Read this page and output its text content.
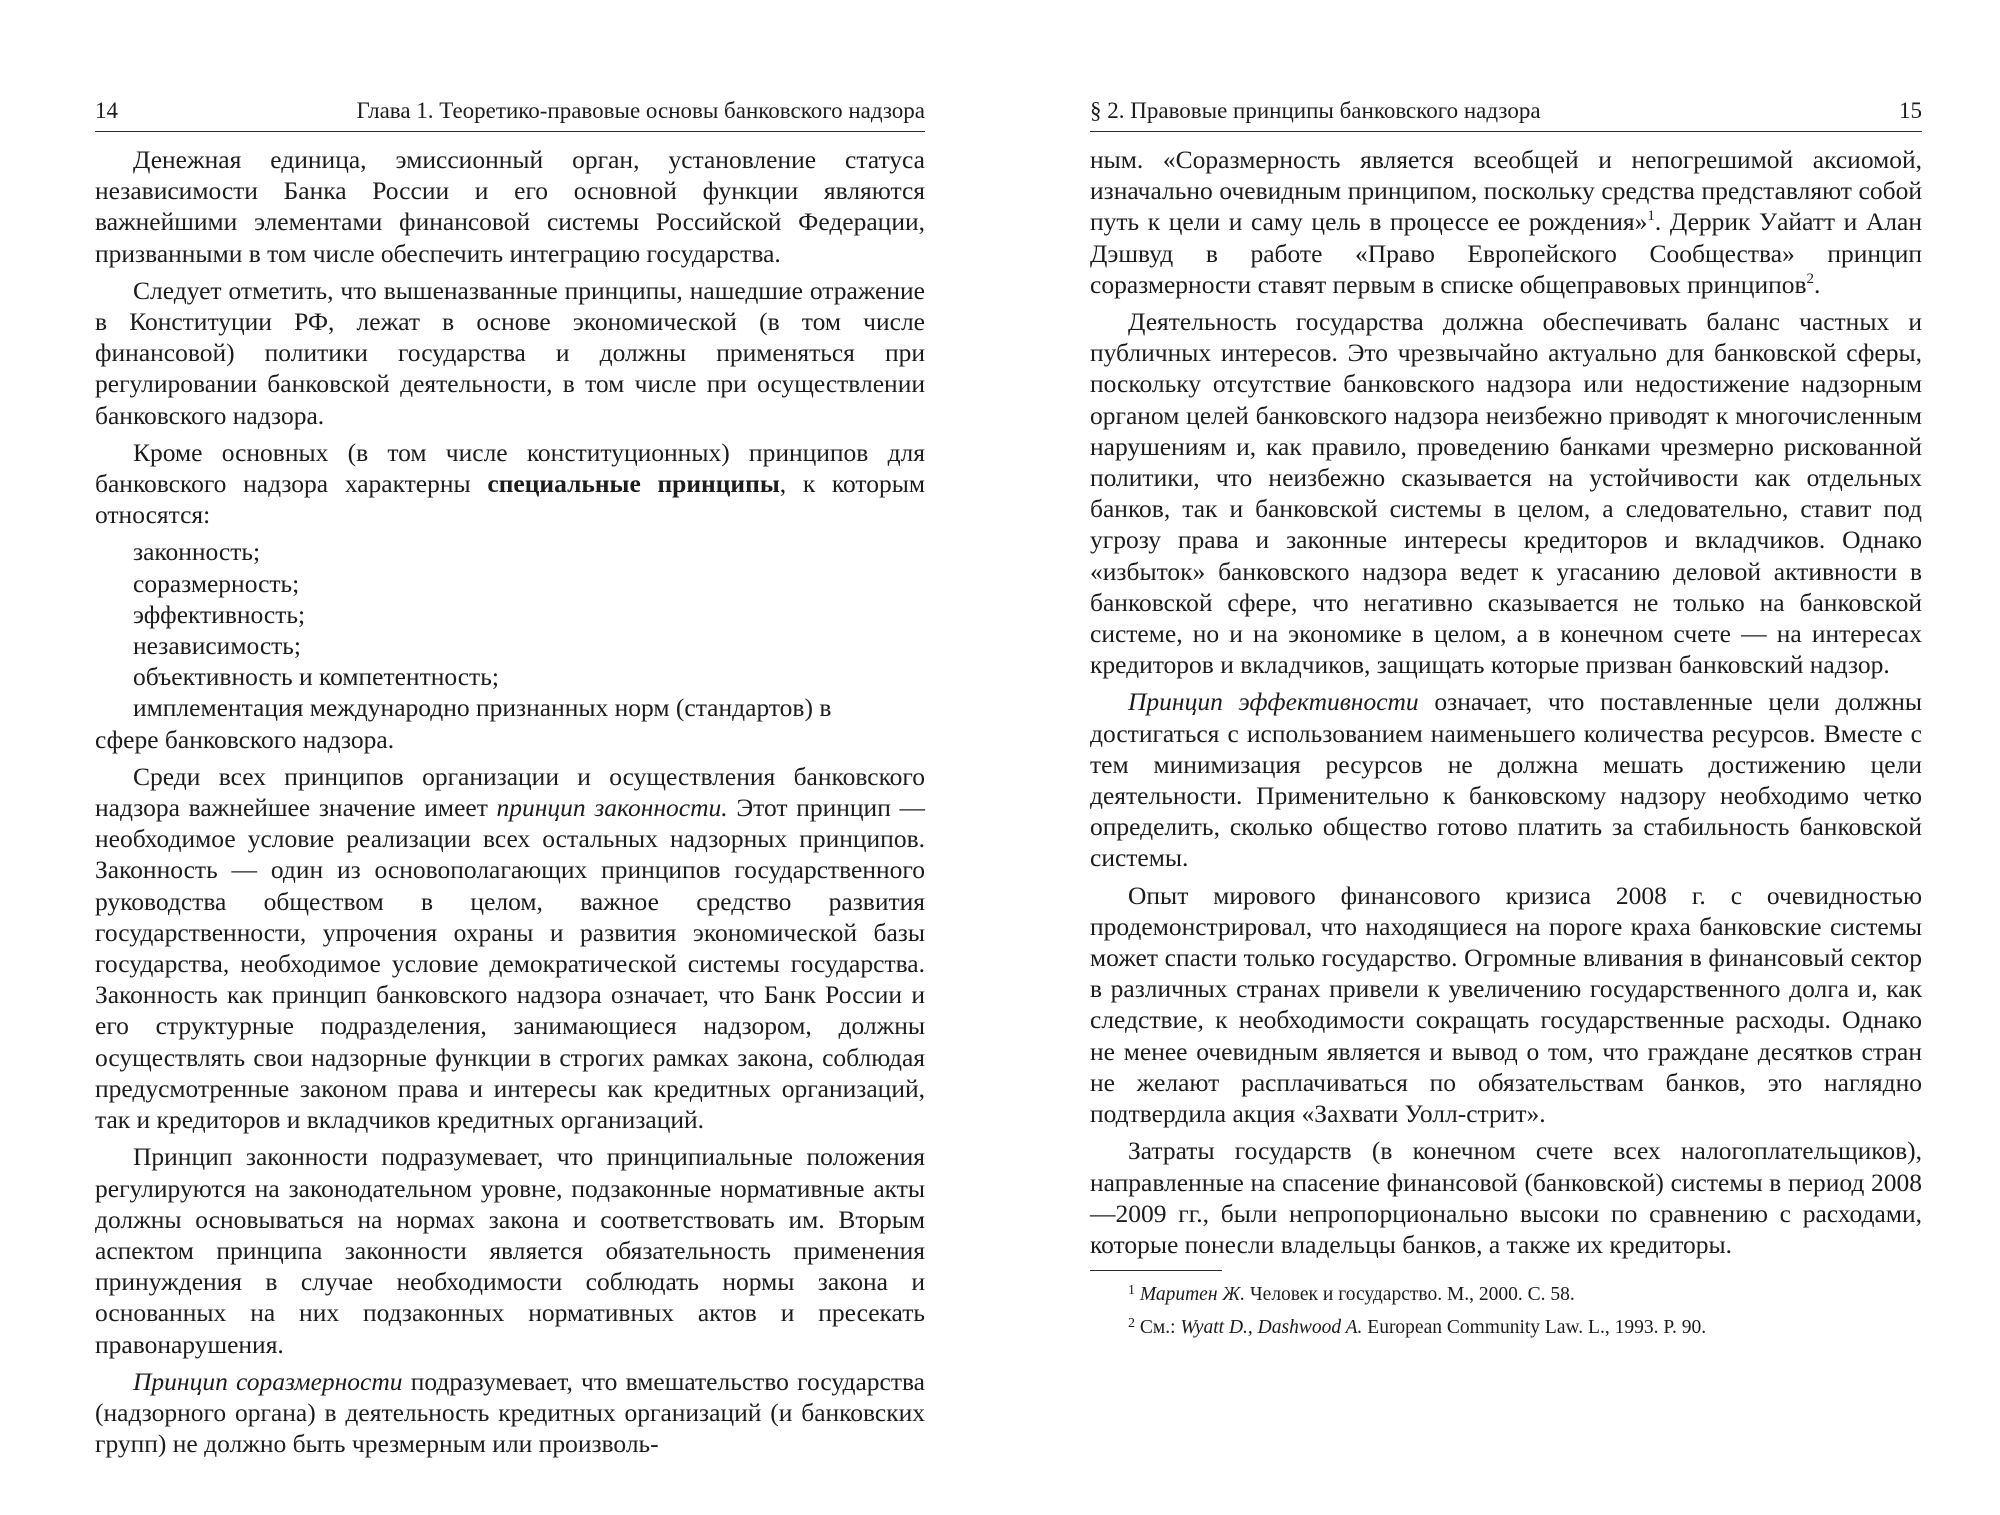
14	Глава 1. Теоретико-правовые основы банковского надзора

Денежная единица, эмиссионный орган, установление статуса независимости Банка России и его основной функции являются важнейшими элементами финансовой системы Российской Федерации, призванными в том числе обеспечить интеграцию государства.

Следует отметить, что вышеназванные принципы, нашедшие отражение в Конституции РФ, лежат в основе экономической (в том числе финансовой) политики государства и должны применяться при регулировании банковской деятельности, в том числе при осуществлении банковского надзора.

Кроме основных (в том числе конституционных) принципов для банковского надзора характерны специальные принципы, к которым относятся:

законность;
соразмерность;
эффективность;
независимость;
объективность и компетентность;
имплементация международно признанных норм (стандартов) в

сфере банковского надзора.

Среди всех принципов организации и осуществления банковского надзора важнейшее значение имеет принцип законности. Этот принцип — необходимое условие реализации всех остальных надзорных принципов. Законность — один из основополагающих принципов государственного руководства обществом в целом, важное средство развития государственности, упрочения охраны и развития экономической базы государства, необходимое условие демократической системы государства. Законность как принцип банковского надзора означает, что Банк России и его структурные подразделения, занимающиеся надзором, должны осуществлять свои надзорные функции в строгих рамках закона, соблюдая предусмотренные законом права и интересы как кредитных организаций, так и кредиторов и вкладчиков кредитных организаций.

Принцип законности подразумевает, что принципиальные положения регулируются на законодательном уровне, подзаконные нормативные акты должны основываться на нормах закона и соответствовать им. Вторым аспектом принципа законности является обязательность применения принуждения в случае необходимости соблюдать нормы закона и основанных на них подзаконных нормативных актов и пресекать правонарушения.

Принцип соразмерности подразумевает, что вмешательство государства (надзорного органа) в деятельность кредитных организаций (и банковских групп) не должно быть чрезмерным или произволь-

§ 2. Правовые принципы банковского надзора	15

ным. «Соразмерность является всеобщей и непогрешимой аксиомой, изначально очевидным принципом, поскольку средства представляют собой путь к цели и саму цель в процессе ее рождения»$^1$. Деррик Уайатт и Алан Дэшвуд в работе «Право Европейского Сообщества» принцип соразмерности ставят первым в списке общеправовых принципов$^2$.

Деятельность государства должна обеспечивать баланс частных и публичных интересов. Это чрезвычайно актуально для банковской сферы, поскольку отсутствие банковского надзора или недостижение надзорным органом целей банковского надзора неизбежно приводят к многочисленным нарушениям и, как правило, проведению банками чрезмерно рискованной политики, что неизбежно сказывается на устойчивости как отдельных банков, так и банковской системы в целом, а следовательно, ставит под угрозу права и законные интересы кредиторов и вкладчиков. Однако «избыток» банковского надзора ведет к угасанию деловой активности в банковской сфере, что негативно сказывается не только на банковской системе, но и на экономике в целом, а в конечном счете — на интересах кредиторов и вкладчиков, защищать которые призван банковский надзор.

Принцип эффективности означает, что поставленные цели должны достигаться с использованием наименьшего количества ресурсов. Вместе с тем минимизация ресурсов не должна мешать достижению цели деятельности. Применительно к банковскому надзору необходимо четко определить, сколько общество готово платить за стабильность банковской системы.

Опыт мирового финансового кризиса 2008 г. с очевидностью продемонстрировал, что находящиеся на пороге краха банковские системы может спасти только государство. Огромные вливания в финансовый сектор в различных странах привели к увеличению государственного долга и, как следствие, к необходимости сокращать государственные расходы. Однако не менее очевидным является и вывод о том, что граждане десятков стран не желают расплачиваться по обязательствам банков, это наглядно подтвердила акция «Захвати Уолл-стрит».

Затраты государств (в конечном счете всех налогоплательщиков), направленные на спасение финансовой (банковской) системы в период 2008—2009 гг., были непропорционально высоки по сравнению с расходами, которые понесли владельцы банков, а также их кредиторы.

$^1$ Маритен Ж. Человек и государство. М., 2000. С. 58.

$^2$ См.: Wyatt D., Dashwood A. European Community Law. L., 1993. P. 90.
